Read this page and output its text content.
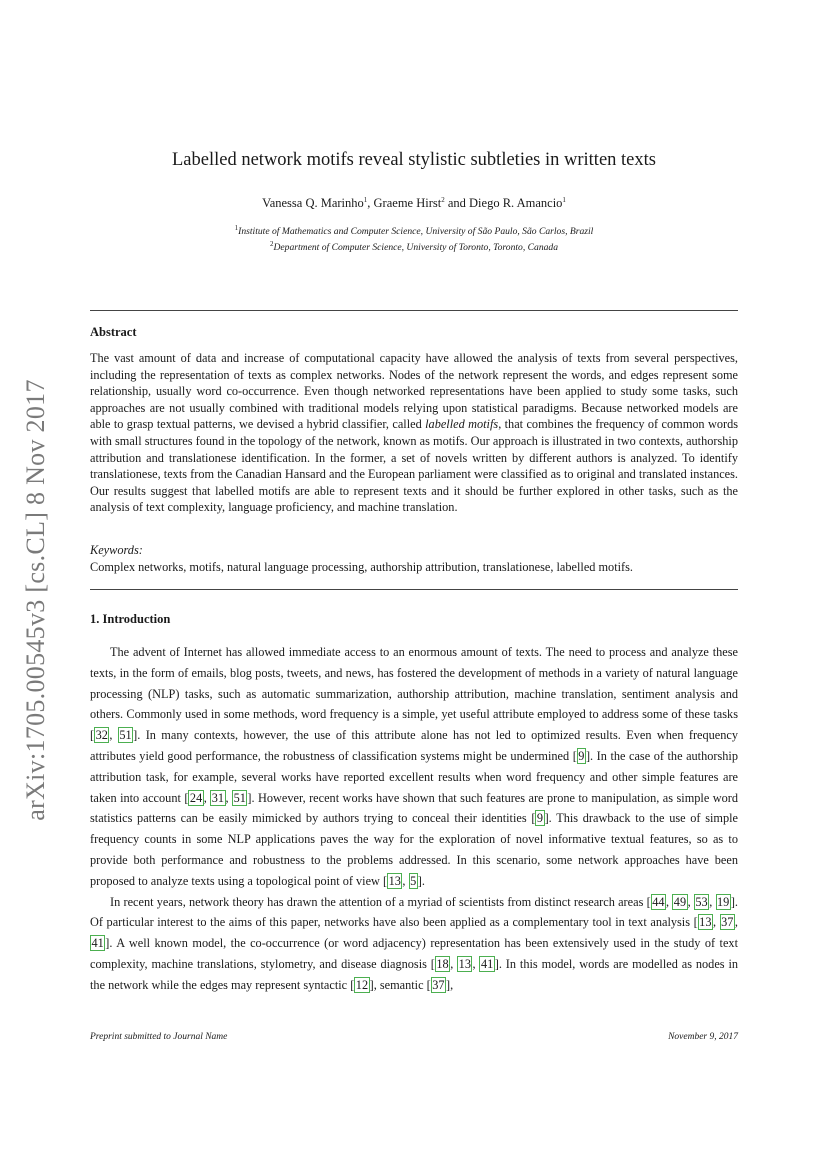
arXiv:1705.00545v3 [cs.CL] 8 Nov 2017
Labelled network motifs reveal stylistic subtleties in written texts
Vanessa Q. Marinho$^1$, Graeme Hirst$^2$ and Diego R. Amancio$^1$
$^1$Institute of Mathematics and Computer Science, University of São Paulo, São Carlos, Brazil
$^2$Department of Computer Science, University of Toronto, Toronto, Canada
Abstract

The vast amount of data and increase of computational capacity have allowed the analysis of texts from several perspectives, including the representation of texts as complex networks. Nodes of the network represent the words, and edges represent some relationship, usually word co-occurrence. Even though networked representations have been applied to study some tasks, such approaches are not usually combined with traditional models relying upon statistical paradigms. Because networked models are able to grasp textual patterns, we devised a hybrid classifier, called labelled motifs, that combines the frequency of common words with small structures found in the topology of the network, known as motifs. Our approach is illustrated in two contexts, authorship attribution and translationese identification. In the former, a set of novels written by different authors is analyzed. To identify translationese, texts from the Canadian Hansard and the European parliament were classified as to original and translated instances. Our results suggest that labelled motifs are able to represent texts and it should be further explored in other tasks, such as the analysis of text complexity, language proficiency, and machine translation.

Keywords:
Complex networks, motifs, natural language processing, authorship attribution, translationese, labelled motifs.
1. Introduction

The advent of Internet has allowed immediate access to an enormous amount of texts. The need to process and analyze these texts, in the form of emails, blog posts, tweets, and news, has fostered the development of methods in a variety of natural language processing (NLP) tasks, such as automatic summarization, authorship attribution, machine translation, sentiment analysis and others. Commonly used in some methods, word frequency is a simple, yet useful attribute employed to address some of these tasks [ 32 , 51 ]. In many contexts, however, the use of this attribute alone has not led to optimized results. Even when frequency attributes yield good performance, the robustness of classification systems might be undermined [ 9 ]. In the case of the authorship attribution task, for example, several works have reported excellent results when word frequency and other simple features are taken into account [ 24 , 31 , 51 ]. However, recent works have shown that such features are prone to manipulation, as simple word statistics patterns can be easily mimicked by authors trying to conceal their identities [ 9 ]. This drawback to the use of simple frequency counts in some NLP applications paves the way for the exploration of novel informative textual features, so as to provide both performance and robustness to the problems addressed. In this scenario, some network approaches have been proposed to analyze texts using a topological point of view [ 13 , 5 ].

In recent years, network theory has drawn the attention of a myriad of scientists from distinct research areas [ 44 , 49 , 53 , 19 ]. Of particular interest to the aims of this paper, networks have also been applied as a complementary tool in text analysis [ 13 , 37 , 41 ]. A well known model, the co-occurrence (or word adjacency) representation has been extensively used in the study of text complexity, machine translations, stylometry, and disease diagnosis [ 18 , 13 , 41 ]. In this model, words are modelled as nodes in the network while the edges may represent syntactic [ 12 ], semantic [ 37 ],

Preprint submitted to Journal Name	November 9, 2017
